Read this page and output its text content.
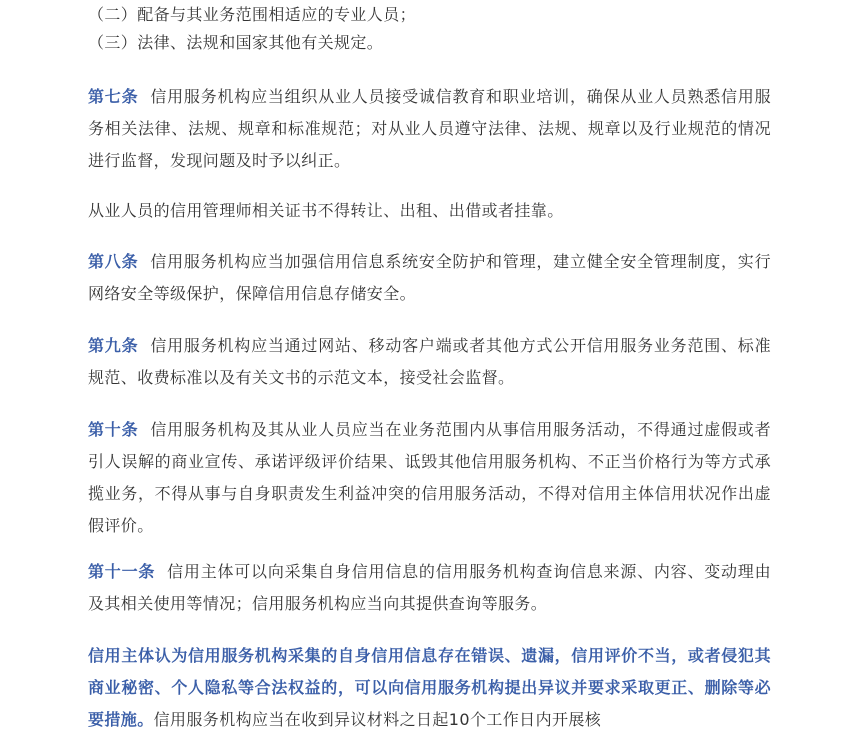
（二）配备与其业务范围相适应的专业人员；

（三）法律、法规和国家其他有关规定。

第七条 信用服务机构应当组织从业人员接受诚信教育和职业培训，确保从业人员熟悉信用服务相关法律、法规、规章和标准规范；对从业人员遵守法律、法规、规章以及行业规范的情况进行监督，发现问题及时予以纠正。

从业人员的信用管理师相关证书不得转让、出租、出借或者挂靠。

第八条 信用服务机构应当加强信用信息系统安全防护和管理，建立健全安全管理制度，实行网络安全等级保护，保障信用信息存储安全。

第九条 信用服务机构应当通过网站、移动客户端或者其他方式公开信用服务业务范围、标准规范、收费标准以及有关文书的示范文本，接受社会监督。

第十条 信用服务机构及其从业人员应当在业务范围内从事信用服务活动，不得通过虚假或者引人误解的商业宣传、承诺评级评价结果、诋毁其他信用服务机构、不正当价格行为等方式承揽业务，不得从事与自身职责发生利益冲突的信用服务活动，不得对信用主体信用状况作出虚假评价。

第十一条 信用主体可以向采集自身信用信息的信用服务机构查询信息来源、内容、变动理由及其相关使用等情况；信用服务机构应当向其提供查询等服务。

信用主体认为信用服务机构采集的自身信用信息存在错误、遗漏，信用评价不当，或者侵犯其商业秘密、个人隐私等合法权益的，可以向信用服务机构提出异议并要求采取更正、删除等必要措施。信用服务机构应当在收到异议材料之日起10个工作日内开展核
